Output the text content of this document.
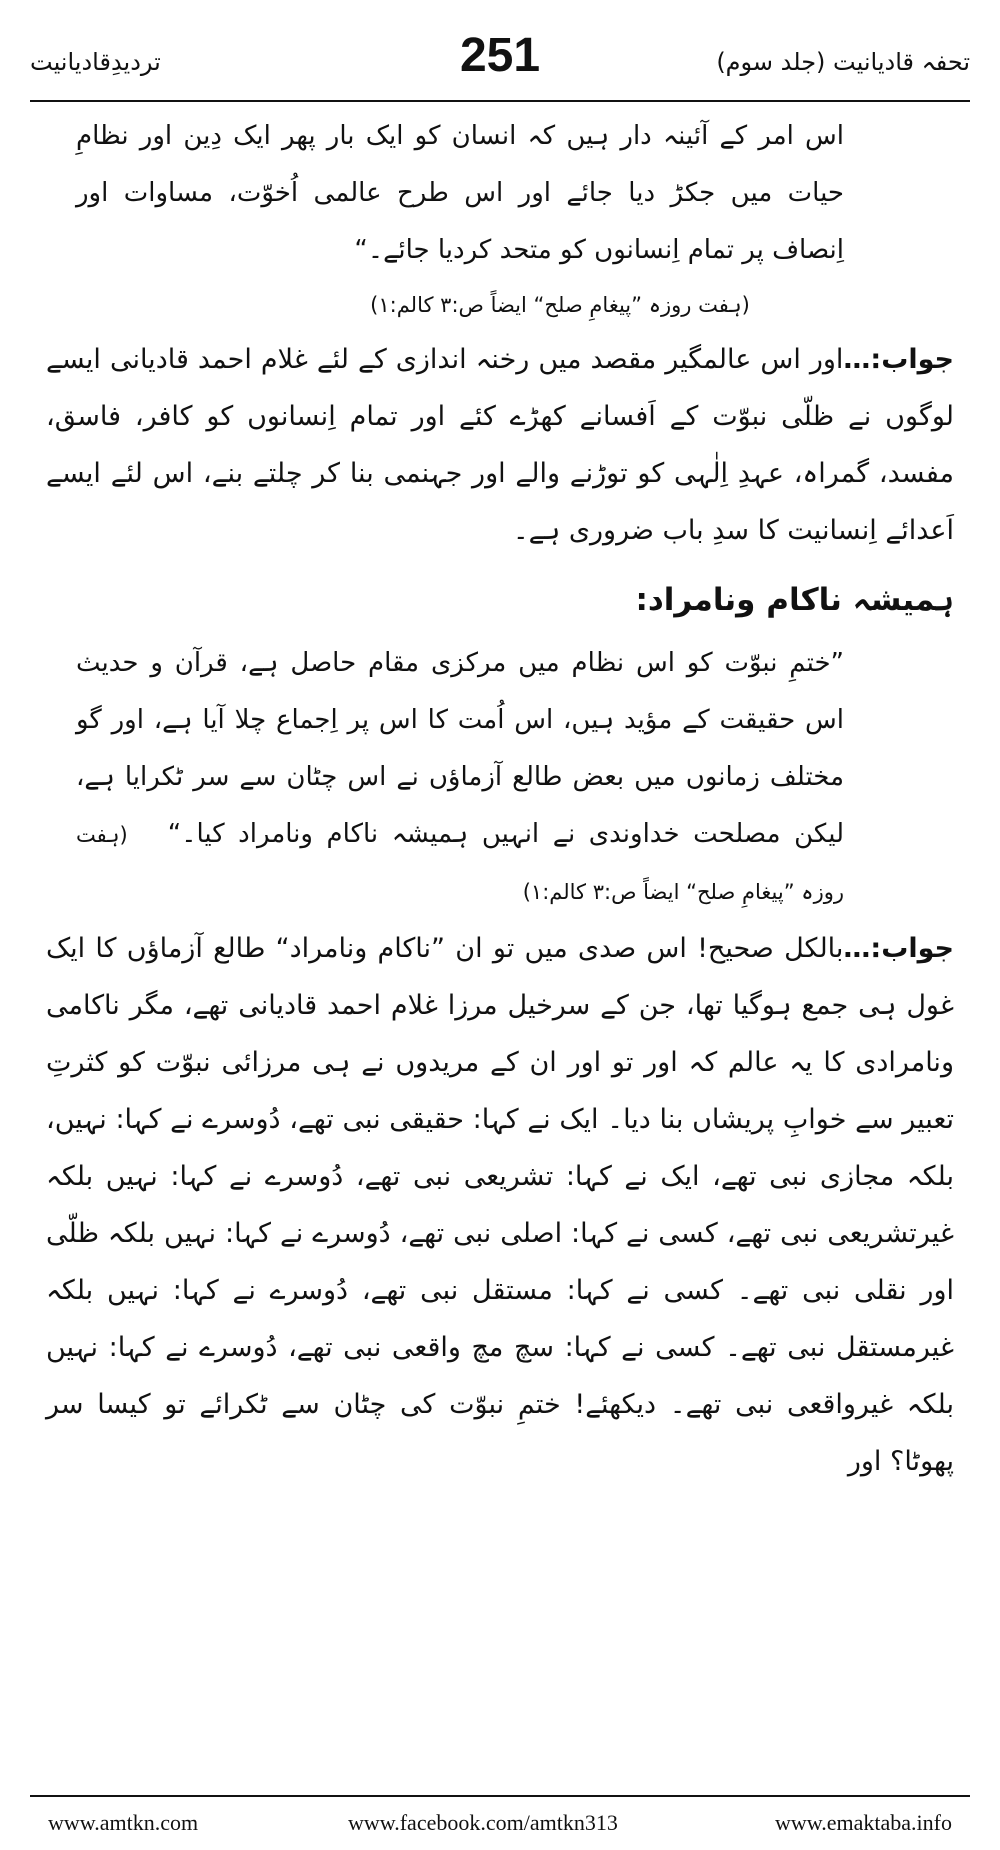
تردیدِقادیانیت	251	تحفہ قادیانیت (جلد سوم)
اس امر کے آئینہ دار ہیں کہ انسان کو ایک بار پھر ایک دِین اور نظامِ حیات میں جکڑ دیا جائے اور اس طرح عالمی اُخوّت، مساوات اور اِنصاف پر تمام اِنسانوں کو متحد کردیا جائے۔“
(ہفت روزہ ”پیغامِ صلح“ ایضاً ص:۳ کالم:۱)
جواب:…اور اس عالمگیر مقصد میں رخنہ اندازی کے لئے غلام احمد قادیانی ایسے لوگوں نے ظلّی نبوّت کے اَفسانے کھڑے کئے اور تمام اِنسانوں کو کافر، فاسق، مفسد، گمراہ، عہدِ اِلٰہی کو توڑنے والے اور جہنمی بنا کر چلتے بنے، اس لئے ایسے اَعدائے اِنسانیت کا سدِ باب ضروری ہے۔
ہمیشہ ناکام ونامراد:
”ختمِ نبوّت کو اس نظام میں مرکزی مقام حاصل ہے، قرآن و حدیث اس حقیقت کے مؤید ہیں، اس اُمت کا اس پر اِجماع چلا آیا ہے، اور گو مختلف زمانوں میں بعض طالع آزماؤں نے اس چٹان سے سر ٹکرایا ہے، لیکن مصلحت خداوندی نے انہیں ہمیشہ ناکام ونامراد کیا۔“(ہفت روزہ ”پیغامِ صلح“ ایضاً ص:۳ کالم:۱)
جواب:…بالکل صحیح! اس صدی میں تو ان ”ناکام ونامراد“ طالع آزماؤں کا ایک غول ہی جمع ہوگیا تھا، جن کے سرخیل مرزا غلام احمد قادیانی تھے، مگر ناکامی ونامرادی کا یہ عالم کہ اور تو اور ان کے مریدوں نے ہی مرزائی نبوّت کو کثرتِ تعبیر سے خوابِ پریشاں بنا دیا۔ ایک نے کہا: حقیقی نبی تھے، دُوسرے نے کہا: نہیں، بلکہ مجازی نبی تھے، ایک نے کہا: تشریعی نبی تھے، دُوسرے نے کہا: نہیں بلکہ غیرتشریعی نبی تھے، کسی نے کہا: اصلی نبی تھے، دُوسرے نے کہا: نہیں بلکہ ظلّی اور نقلی نبی تھے۔ کسی نے کہا: مستقل نبی تھے، دُوسرے نے کہا: نہیں بلکہ غیرمستقل نبی تھے۔ کسی نے کہا: سچ مچ واقعی نبی تھے، دُوسرے نے کہا: نہیں بلکہ غیرواقعی نبی تھے۔ دیکھئے! ختمِ نبوّت کی چٹان سے ٹکرائے تو کیسا سر پھوٹا؟ اور
www.amtkn.com	www.facebook.com/amtkn313	www.emaktaba.info
